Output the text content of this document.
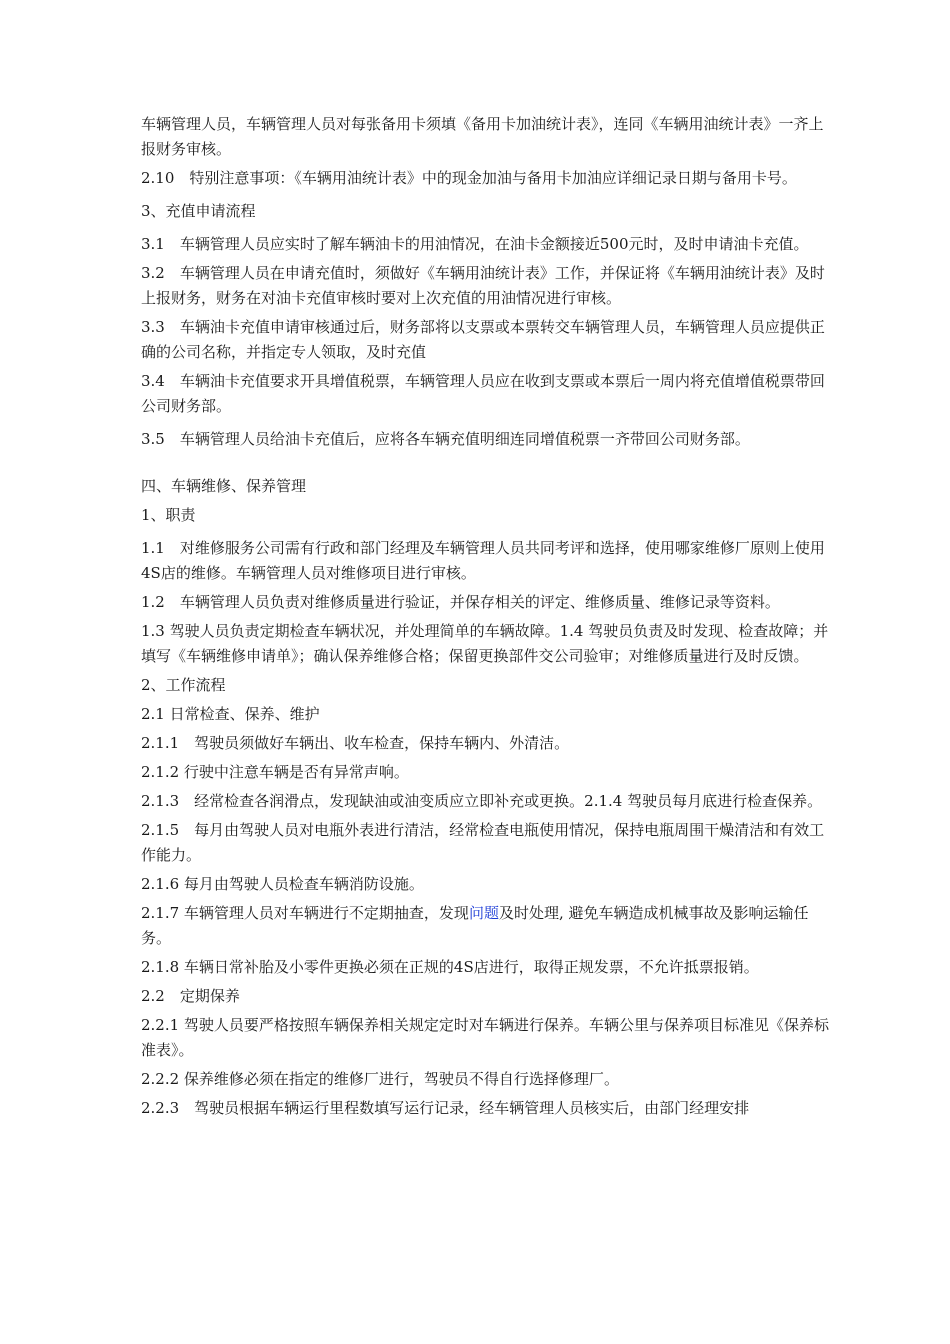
车辆管理人员，车辆管理人员对每张备用卡须填《备用卡加油统计表》，连同《车辆用油统计表》一齐上报财务审核。

2.10　特别注意事项：《车辆用油统计表》中的现金加油与备用卡加油应详细记录日期与备用卡号。

3、充值申请流程

3.1　车辆管理人员应实时了解车辆油卡的用油情况，在油卡金额接近500元时，及时申请油卡充值。

3.2　车辆管理人员在申请充值时，须做好《车辆用油统计表》工作，并保证将《车辆用油统计表》及时上报财务，财务在对油卡充值审核时要对上次充值的用油情况进行审核。

3.3　车辆油卡充值申请审核通过后，财务部将以支票或本票转交车辆管理人员，车辆管理人员应提供正确的公司名称，并指定专人领取，及时充值

3.4　车辆油卡充值要求开具增值税票，车辆管理人员应在收到支票或本票后一周内将充值增值税票带回公司财务部。

3.5　车辆管理人员给油卡充值后，应将各车辆充值明细连同增值税票一齐带回公司财务部。

四、车辆维修、保养管理

1、职责

1.1　对维修服务公司需有行政和部门经理及车辆管理人员共同考评和选择，使用哪家维修厂原则上使用4S店的维修。车辆管理人员对维修项目进行审核。

1.2　车辆管理人员负责对维修质量进行验证，并保存相关的评定、维修质量、维修记录等资料。

1.3 驾驶人员负责定期检查车辆状况，并处理简单的车辆故障。1.4 驾驶员负责及时发现、检查故障；并填写《车辆维修申请单》；确认保养维修合格；保留更换部件交公司验审；对维修质量进行及时反馈。

2、工作流程

2.1 日常检查、保养、维护

2.1.1　驾驶员须做好车辆出、收车检查，保持车辆内、外清洁。

2.1.2 行驶中注意车辆是否有异常声响。

2.1.3　经常检查各润滑点，发现缺油或油变质应立即补充或更换。2.1.4 驾驶员每月底进行检查保养。

2.1.5　每月由驾驶人员对电瓶外表进行清洁，经常检查电瓶使用情况，保持电瓶周围干燥清洁和有效工作能力。

2.1.6 每月由驾驶人员检查车辆消防设施。

2.1.7 车辆管理人员对车辆进行不定期抽查，发现问题及时处理, 避免车辆造成机械事故及影响运输任务。

2.1.8 车辆日常补胎及小零件更换必须在正规的4S店进行，取得正规发票，不允许抵票报销。

2.2　定期保养

2.2.1 驾驶人员要严格按照车辆保养相关规定定时对车辆进行保养。车辆公里与保养项目标准见《保养标准表》。

2.2.2 保养维修必须在指定的维修厂进行，驾驶员不得自行选择修理厂。

2.2.3　驾驶员根据车辆运行里程数填写运行记录，经车辆管理人员核实后，由部门经理安排
